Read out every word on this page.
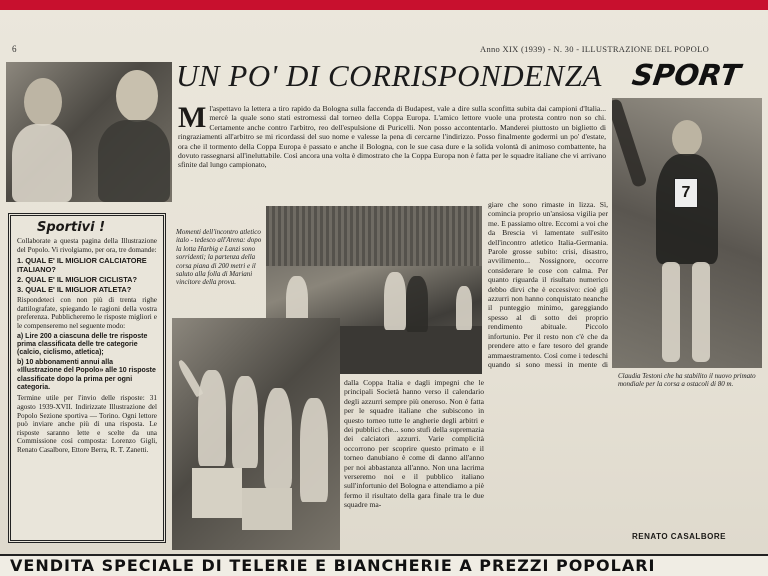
6	Anno XIX (1939) - N. 30 - ILLUSTRAZIONE DEL POPOLO
UN PO' DI CORRISPONDENZA SPORT
7
Claudia Testoni che ha stabilito il nuovo primato mondiale per la corsa a ostacoli di 80 m.
Ml'aspettavo la lettera a tiro rapido da Bologna sulla faccenda di Budapest, vale a dire sulla sconfitta subita dai campioni d'Italia... mercè la quale sono stati estromessi dal torneo della Coppa Europa. L'amico lettore vuole una protesta contro non so chi. Certamente anche contro l'arbitro, reo dell'espulsione di Puricelli. Non posso accontentarlo. Manderei piuttosto un biglietto di ringraziamenti all'arbitro se mi ricordassi del suo nome e valesse la pena di cercarne l'indirizzo. Posso finalmente godermi un po' d'estate, ora che il tormento della Coppa Europa è passato e anche il Bologna, con le sue casa dure e la solida volontà di animoso combattente, ha dovuto rassegnarsi all'ineluttabile. Così ancora una volta è dimostrato che la Coppa Europa non è fatta per le squadre italiane che vi arrivano sfinite dal lungo campionato,
giare che sono rimaste in lizza. Sì, comincia proprio un'ansiosa vigilia per me. E passiamo oltre. Eccomi a voi che da Brescia vi lamentate sull'esito dell'incontro atletico Italia-Germania. Parole grosse subito: crisi, disastro, avvilimento... Nossignore, occorre considerare le cose con calma. Per quanto riguarda il risultato numerico debbo dirvi che è eccessivo: cioè gli azzurri non hanno conquistato neanche il punteggio minimo, gareggiando spesso al di sotto dei proprio rendimento abituale. Piccolo infortunio. Per il resto non c'è che da prendere atto e fare tesoro del grande ammaestramento. Così come i tedeschi quando si sono messi in mente di
Momenti dell'incontro atletico italo - tedesco all'Arena: dopo la lotta Harbig e Lanzi sono sorridenti; la partenza della corsa piana di 200 metri e il saluto alla folla di Mariani vincitore della prova.
dalla Coppa Italia e dagli impegni che le principali Società hanno verso il calendario degli azzurri sempre più oneroso. Non è fatta per le squadre italiane che subiscono in questo torneo tutte le angherie degli arbitri e dei pubblici che... sono stufi della supremazia dei calciatori azzurri. Varie complicità occorrono per scoprire questo primato e il torneo danubiano è come di danno all'anno per noi abbastanza all'anno. Non una lacrima verseremo noi e il pubblico italiano sull'infortunio del Bologna e attendiamo a piè fermo il risultato della gara finale tra le due squadre ma-
Sportivi !

Collaborate a questa pagina della Illustrazione del Popolo. Vi rivolgiamo, per ora, tre domande:

1. QUAL E' IL MIGLIOR CALCIATORE ITALIANO?
2. QUAL E' IL MIGLIOR CICLISTA?
3. QUAL E' IL MIGLIOR ATLETA?

Rispondeteci con non più di trenta righe dattilografate, spiegando le ragioni della vostra preferenza. Pubblicheremo le risposte migliori e le compenseremo nel seguente modo:

a) Lire 200 a ciascuna delle tre risposte prima classificata delle tre categorie (calcio, ciclismo, atletica);
b) 10 abbonamenti annui alla «Illustrazione del Popolo» alle 10 risposte classificate dopo la prima per ogni categoria.

Termine utile per l'invio delle risposte: 31 agosto 1939-XVII. Indirizzate Illustrazione del Popolo Sezione sportiva — Torino. Ogni lettore può inviare anche più di una risposta. Le risposte saranno lette e scelte da una Commissione così composta: Lorenzo Gigli, Renato Casalbore, Ettore Berra, R. T. Zanetti.

RENATO CASALBORE
VENDITA SPECIALE DI TELERIE E BIANCHERIE A PREZZI POPOLARI
